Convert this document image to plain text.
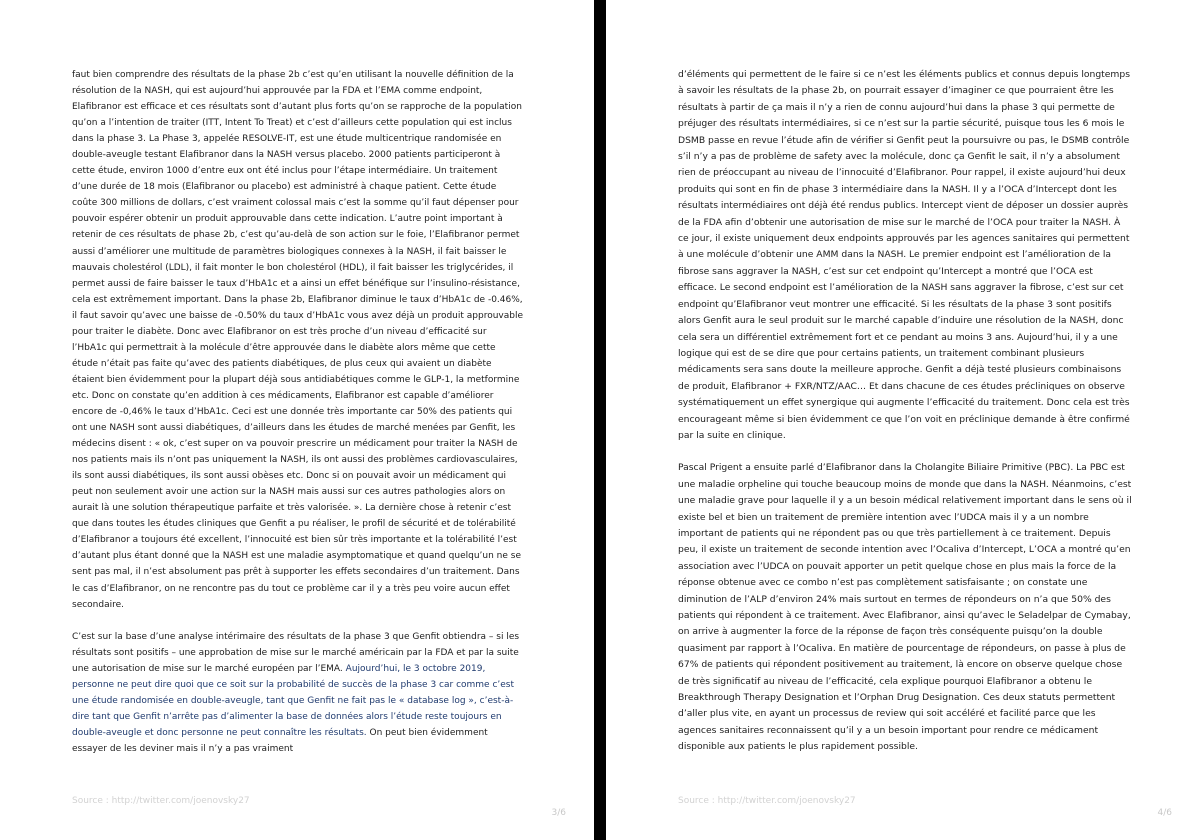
faut bien comprendre des résultats de la phase 2b c’est qu’en utilisant la nouvelle définition de la résolution de la NASH, qui est aujourd’hui approuvée par la FDA et l’EMA comme endpoint, Elafibranor est efficace et ces résultats sont d’autant plus forts qu’on se rapproche de la population qu’on a l’intention de traiter (ITT, Intent To Treat) et c’est d’ailleurs cette population qui est inclus dans la phase 3. La Phase 3, appelée RESOLVE-IT, est une étude multicentrique randomisée en double-aveugle testant Elafibranor dans la NASH versus placebo. 2000 patients participeront à cette étude, environ 1000 d’entre eux ont été inclus pour l’étape intermédiaire. Un traitement d’une durée de 18 mois (Elafibranor ou placebo) est administré à chaque patient. Cette étude coûte 300 millions de dollars, c’est vraiment colossal mais c’est la somme qu’il faut dépenser pour pouvoir espérer obtenir un produit approuvable dans cette indication. L’autre point important à retenir de ces résultats de phase 2b, c’est qu’au-delà de son action sur le foie, l’Elafibranor permet aussi d’améliorer une multitude de paramètres biologiques connexes à la NASH, il fait baisser le mauvais cholestérol (LDL), il fait monter le bon cholestérol (HDL), il fait baisser les triglycérides, il permet aussi de faire baisser le taux d’HbA1c et a ainsi un effet bénéfique sur l’insulino-résistance, cela est extrêmement important. Dans la phase 2b, Elafibranor diminue le taux d’HbA1c de -0.46%, il faut savoir qu’avec une baisse de -0.50% du taux d’HbA1c vous avez déjà un produit approuvable pour traiter le diabète. Donc avec Elafibranor on est très proche d’un niveau d’efficacité sur l’HbA1c qui permettrait à la molécule d’être approuvée dans le diabète alors même que cette étude n’était pas faite qu’avec des patients diabétiques, de plus ceux qui avaient un diabète étaient bien évidemment pour la plupart déjà sous antidiabétiques comme le GLP-1, la metformine etc. Donc on constate qu’en addition à ces médicaments, Elafibranor est capable d’améliorer encore de -0,46% le taux d’HbA1c. Ceci est une donnée très importante car 50% des patients qui ont une NASH sont aussi diabétiques, d’ailleurs dans les études de marché menées par Genfit, les médecins disent : « ok, c’est super on va pouvoir prescrire un médicament pour traiter la NASH de nos patients mais ils n’ont pas uniquement la NASH, ils ont aussi des problèmes cardiovasculaires, ils sont aussi diabétiques, ils sont aussi obèses etc. Donc si on pouvait avoir un médicament qui peut non seulement avoir une action sur la NASH mais aussi sur ces autres pathologies alors on aurait là une solution thérapeutique parfaite et très valorisée. ». La dernière chose à retenir c’est que dans toutes les études cliniques que Genfit a pu réaliser, le profil de sécurité et de tolérabilité d’Elafibranor a toujours été excellent, l’innocuité est bien sûr très importante et la tolérabilité l’est d’autant plus étant donné que la NASH est une maladie asymptomatique et quand quelqu’un ne se sent pas mal, il n’est absolument pas prêt à supporter les effets secondaires d’un traitement. Dans le cas d’Elafibranor, on ne rencontre pas du tout ce problème car il y a très peu voire aucun effet secondaire.

C’est sur la base d’une analyse intérimaire des résultats de la phase 3 que Genfit obtiendra – si les résultats sont positifs – une approbation de mise sur le marché américain par la FDA et par la suite une autorisation de mise sur le marché européen par l’EMA. Aujourd’hui, le 3 octobre 2019, personne ne peut dire quoi que ce soit sur la probabilité de succès de la phase 3 car comme c’est une étude randomisée en double-aveugle, tant que Genfit ne fait pas le « database log », c’est-à-dire tant que Genfit n’arrête pas d’alimenter la base de données alors l’étude reste toujours en double-aveugle et donc personne ne peut connaître les résultats. On peut bien évidemment essayer de les deviner mais il n’y a pas vraiment

Source : http://twitter.com/joenovsky27
3/6

d’éléments qui permettent de le faire si ce n’est les éléments publics et connus depuis longtemps à savoir les résultats de la phase 2b, on pourrait essayer d’imaginer ce que pourraient être les résultats à partir de ça mais il n’y a rien de connu aujourd’hui dans la phase 3 qui permette de préjuger des résultats intermédiaires, si ce n’est sur la partie sécurité, puisque tous les 6 mois le DSMB passe en revue l’étude afin de vérifier si Genfit peut la poursuivre ou pas, le DSMB contrôle s’il n’y a pas de problème de safety avec la molécule, donc ça Genfit le sait, il n’y a absolument rien de préoccupant au niveau de l’innocuité d’Elafibranor. Pour rappel, il existe aujourd’hui deux produits qui sont en fin de phase 3 intermédiaire dans la NASH. Il y a l’OCA d’Intercept dont les résultats intermédiaires ont déjà été rendus publics. Intercept vient de déposer un dossier auprès de la FDA afin d’obtenir une autorisation de mise sur le marché de l’OCA pour traiter la NASH. À ce jour, il existe uniquement deux endpoints approuvés par les agences sanitaires qui permettent à une molécule d’obtenir une AMM dans la NASH. Le premier endpoint est l’amélioration de la fibrose sans aggraver la NASH, c’est sur cet endpoint qu’Intercept a montré que l’OCA est efficace. Le second endpoint est l’amélioration de la NASH sans aggraver la fibrose, c’est sur cet endpoint qu’Elafibranor veut montrer une efficacité. Si les résultats de la phase 3 sont positifs alors Genfit aura le seul produit sur le marché capable d’induire une résolution de la NASH, donc cela sera un différentiel extrêmement fort et ce pendant au moins 3 ans. Aujourd’hui, il y a une logique qui est de se dire que pour certains patients, un traitement combinant plusieurs médicaments sera sans doute la meilleure approche. Genfit a déjà testé plusieurs combinaisons de produit, Elafibranor + FXR/NTZ/AAC… Et dans chacune de ces études précliniques on observe systématiquement un effet synergique qui augmente l’efficacité du traitement. Donc cela est très encourageant même si bien évidemment ce que l’on voit en préclinique demande à être confirmé par la suite en clinique.

Pascal Prigent a ensuite parlé d’Elafibranor dans la Cholangite Biliaire Primitive (PBC). La PBC est une maladie orpheline qui touche beaucoup moins de monde que dans la NASH. Néanmoins, c’est une maladie grave pour laquelle il y a un besoin médical relativement important dans le sens où il existe bel et bien un traitement de première intention avec l’UDCA mais il y a un nombre important de patients qui ne répondent pas ou que très partiellement à ce traitement. Depuis peu, il existe un traitement de seconde intention avec l’Ocaliva d’Intercept, L’OCA a montré qu’en association avec l’UDCA on pouvait apporter un petit quelque chose en plus mais la force de la réponse obtenue avec ce combo n’est pas complètement satisfaisante ; on constate une diminution de l’ALP d’environ 24% mais surtout en termes de répondeurs on n’a que 50% des patients qui répondent à ce traitement. Avec Elafibranor, ainsi qu’avec le Seladelpar de Cymabay, on arrive à augmenter la force de la réponse de façon très conséquente puisqu’on la double quasiment par rapport à l’Ocaliva. En matière de pourcentage de répondeurs, on passe à plus de 67% de patients qui répondent positivement au traitement, là encore on observe quelque chose de très significatif au niveau de l’efficacité, cela explique pourquoi Elafibranor a obtenu le Breakthrough Therapy Designation et l’Orphan Drug Designation. Ces deux statuts permettent d’aller plus vite, en ayant un processus de review qui soit accéléré et facilité parce que les agences sanitaires reconnaissent qu’il y a un besoin important pour rendre ce médicament disponible aux patients le plus rapidement possible.

Source : http://twitter.com/joenovsky27
4/6
